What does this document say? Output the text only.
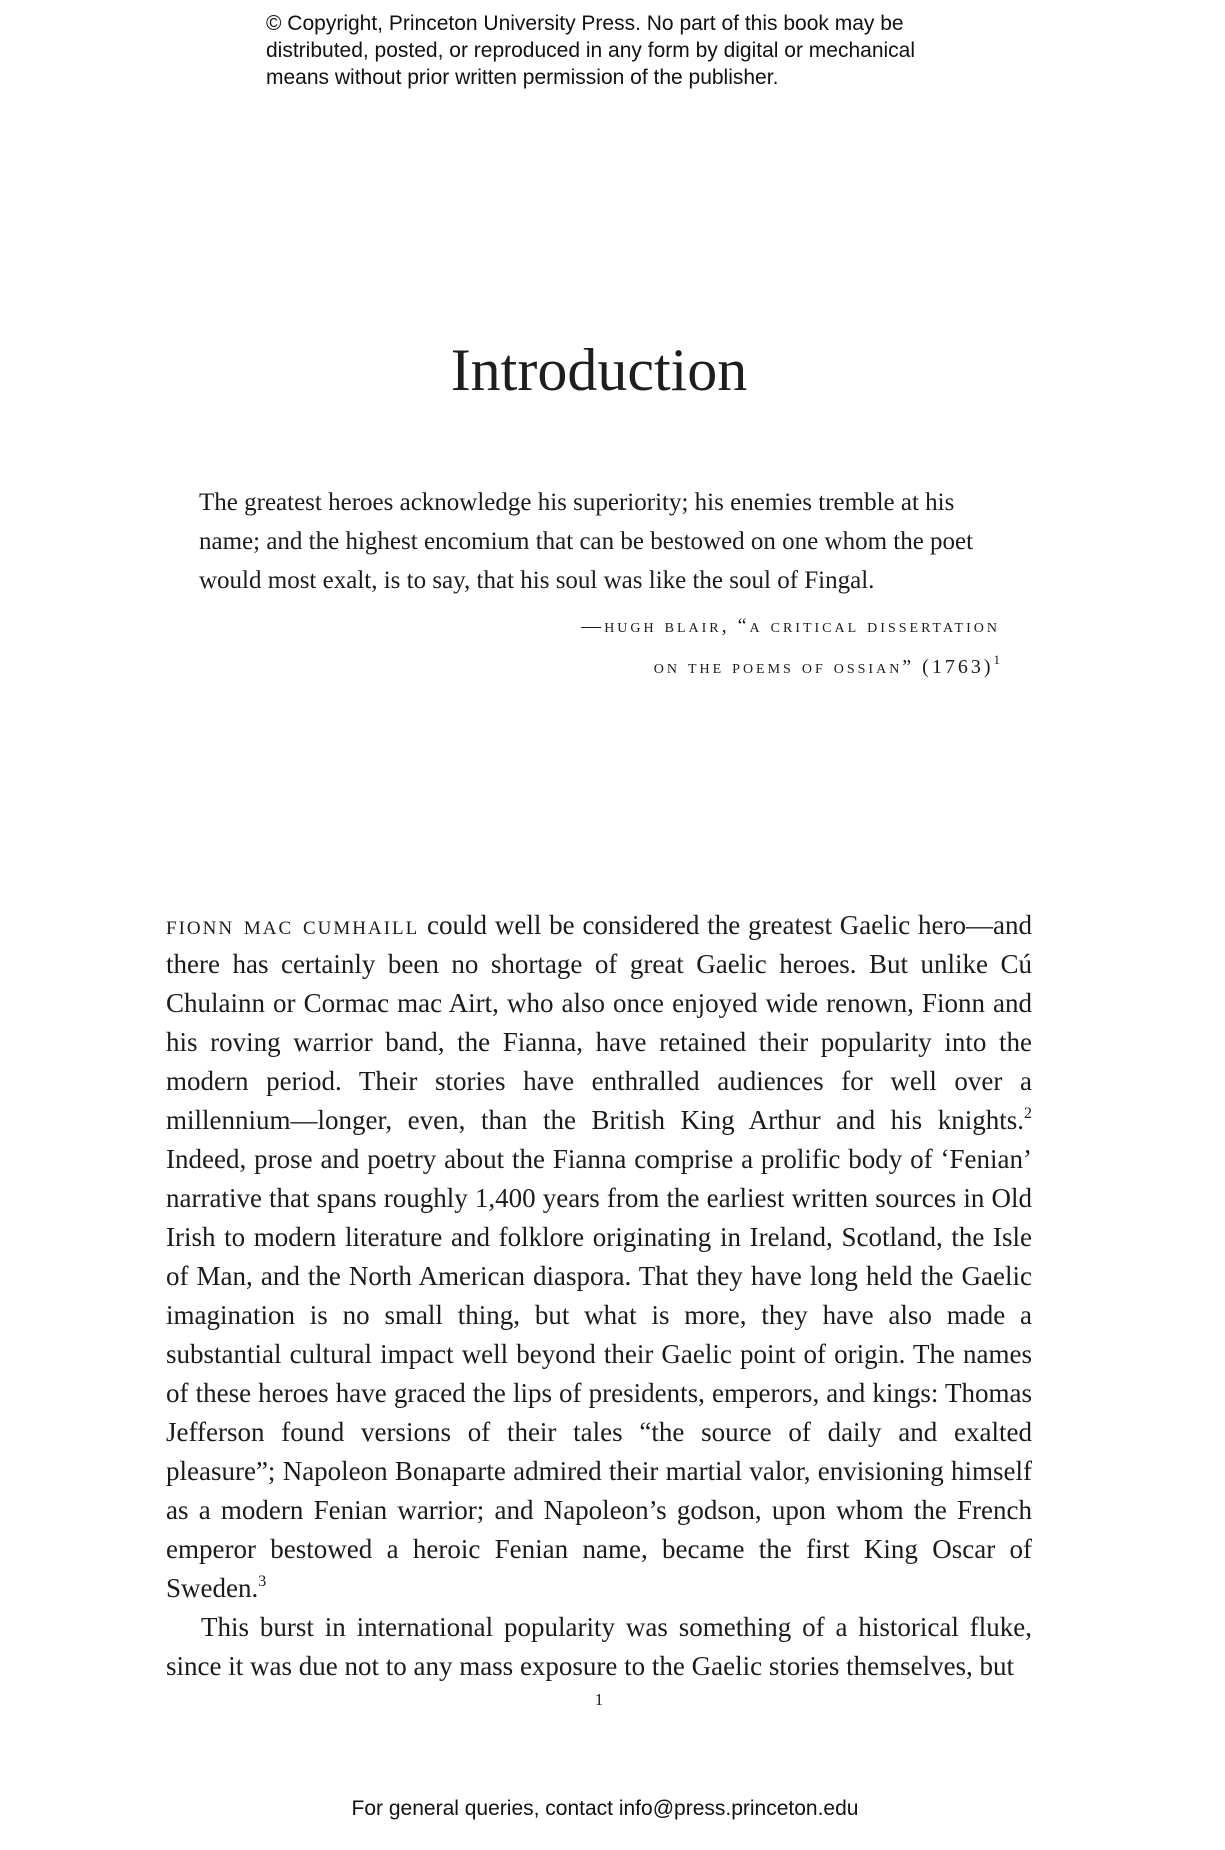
© Copyright, Princeton University Press. No part of this book may be
distributed, posted, or reproduced in any form by digital or mechanical
means without prior written permission of the publisher.
Introduction

The greatest heroes acknowledge his superiority; his enemies tremble at his name; and the highest encomium that can be bestowed on one whom the poet would most exalt, is to say, that his soul was like the soul of Fingal.

—hugh blair, “a critical dissertation
on the poems of ossian” $(1763)^1$

fionn mac cumhaill could well be considered the greatest Gaelic hero—and there has certainly been no shortage of great Gaelic heroes. But unlike Cú Chulainn or Cormac mac Airt, who also once enjoyed wide renown, Fionn and his roving warrior band, the Fianna, have retained their popularity into the modern period. Their stories have enthralled audiences for well over a millennium—longer, even, than the British King Arthur and his knights.$^2$ Indeed, prose and poetry about the Fianna comprise a prolific body of ‘Fenian’ narrative that spans roughly 1,400 years from the earliest written sources in Old Irish to modern literature and folklore originating in Ireland, Scotland, the Isle of Man, and the North American diaspora. That they have long held the Gaelic imagination is no small thing, but what is more, they have also made a substantial cultural impact well beyond their Gaelic point of origin. The names of these heroes have graced the lips of presidents, emperors, and kings: Thomas Jefferson found versions of their tales “the source of daily and exalted pleasure”; Napoleon Bonaparte admired their martial valor, envisioning himself as a modern Fenian warrior; and Napoleon’s godson, upon whom the French emperor bestowed a heroic Fenian name, became the first King Oscar of Sweden.$^3$

This burst in international popularity was something of a historical fluke, since it was due not to any mass exposure to the Gaelic stories themselves, but

1
For general queries, contact info@press.princeton.edu
